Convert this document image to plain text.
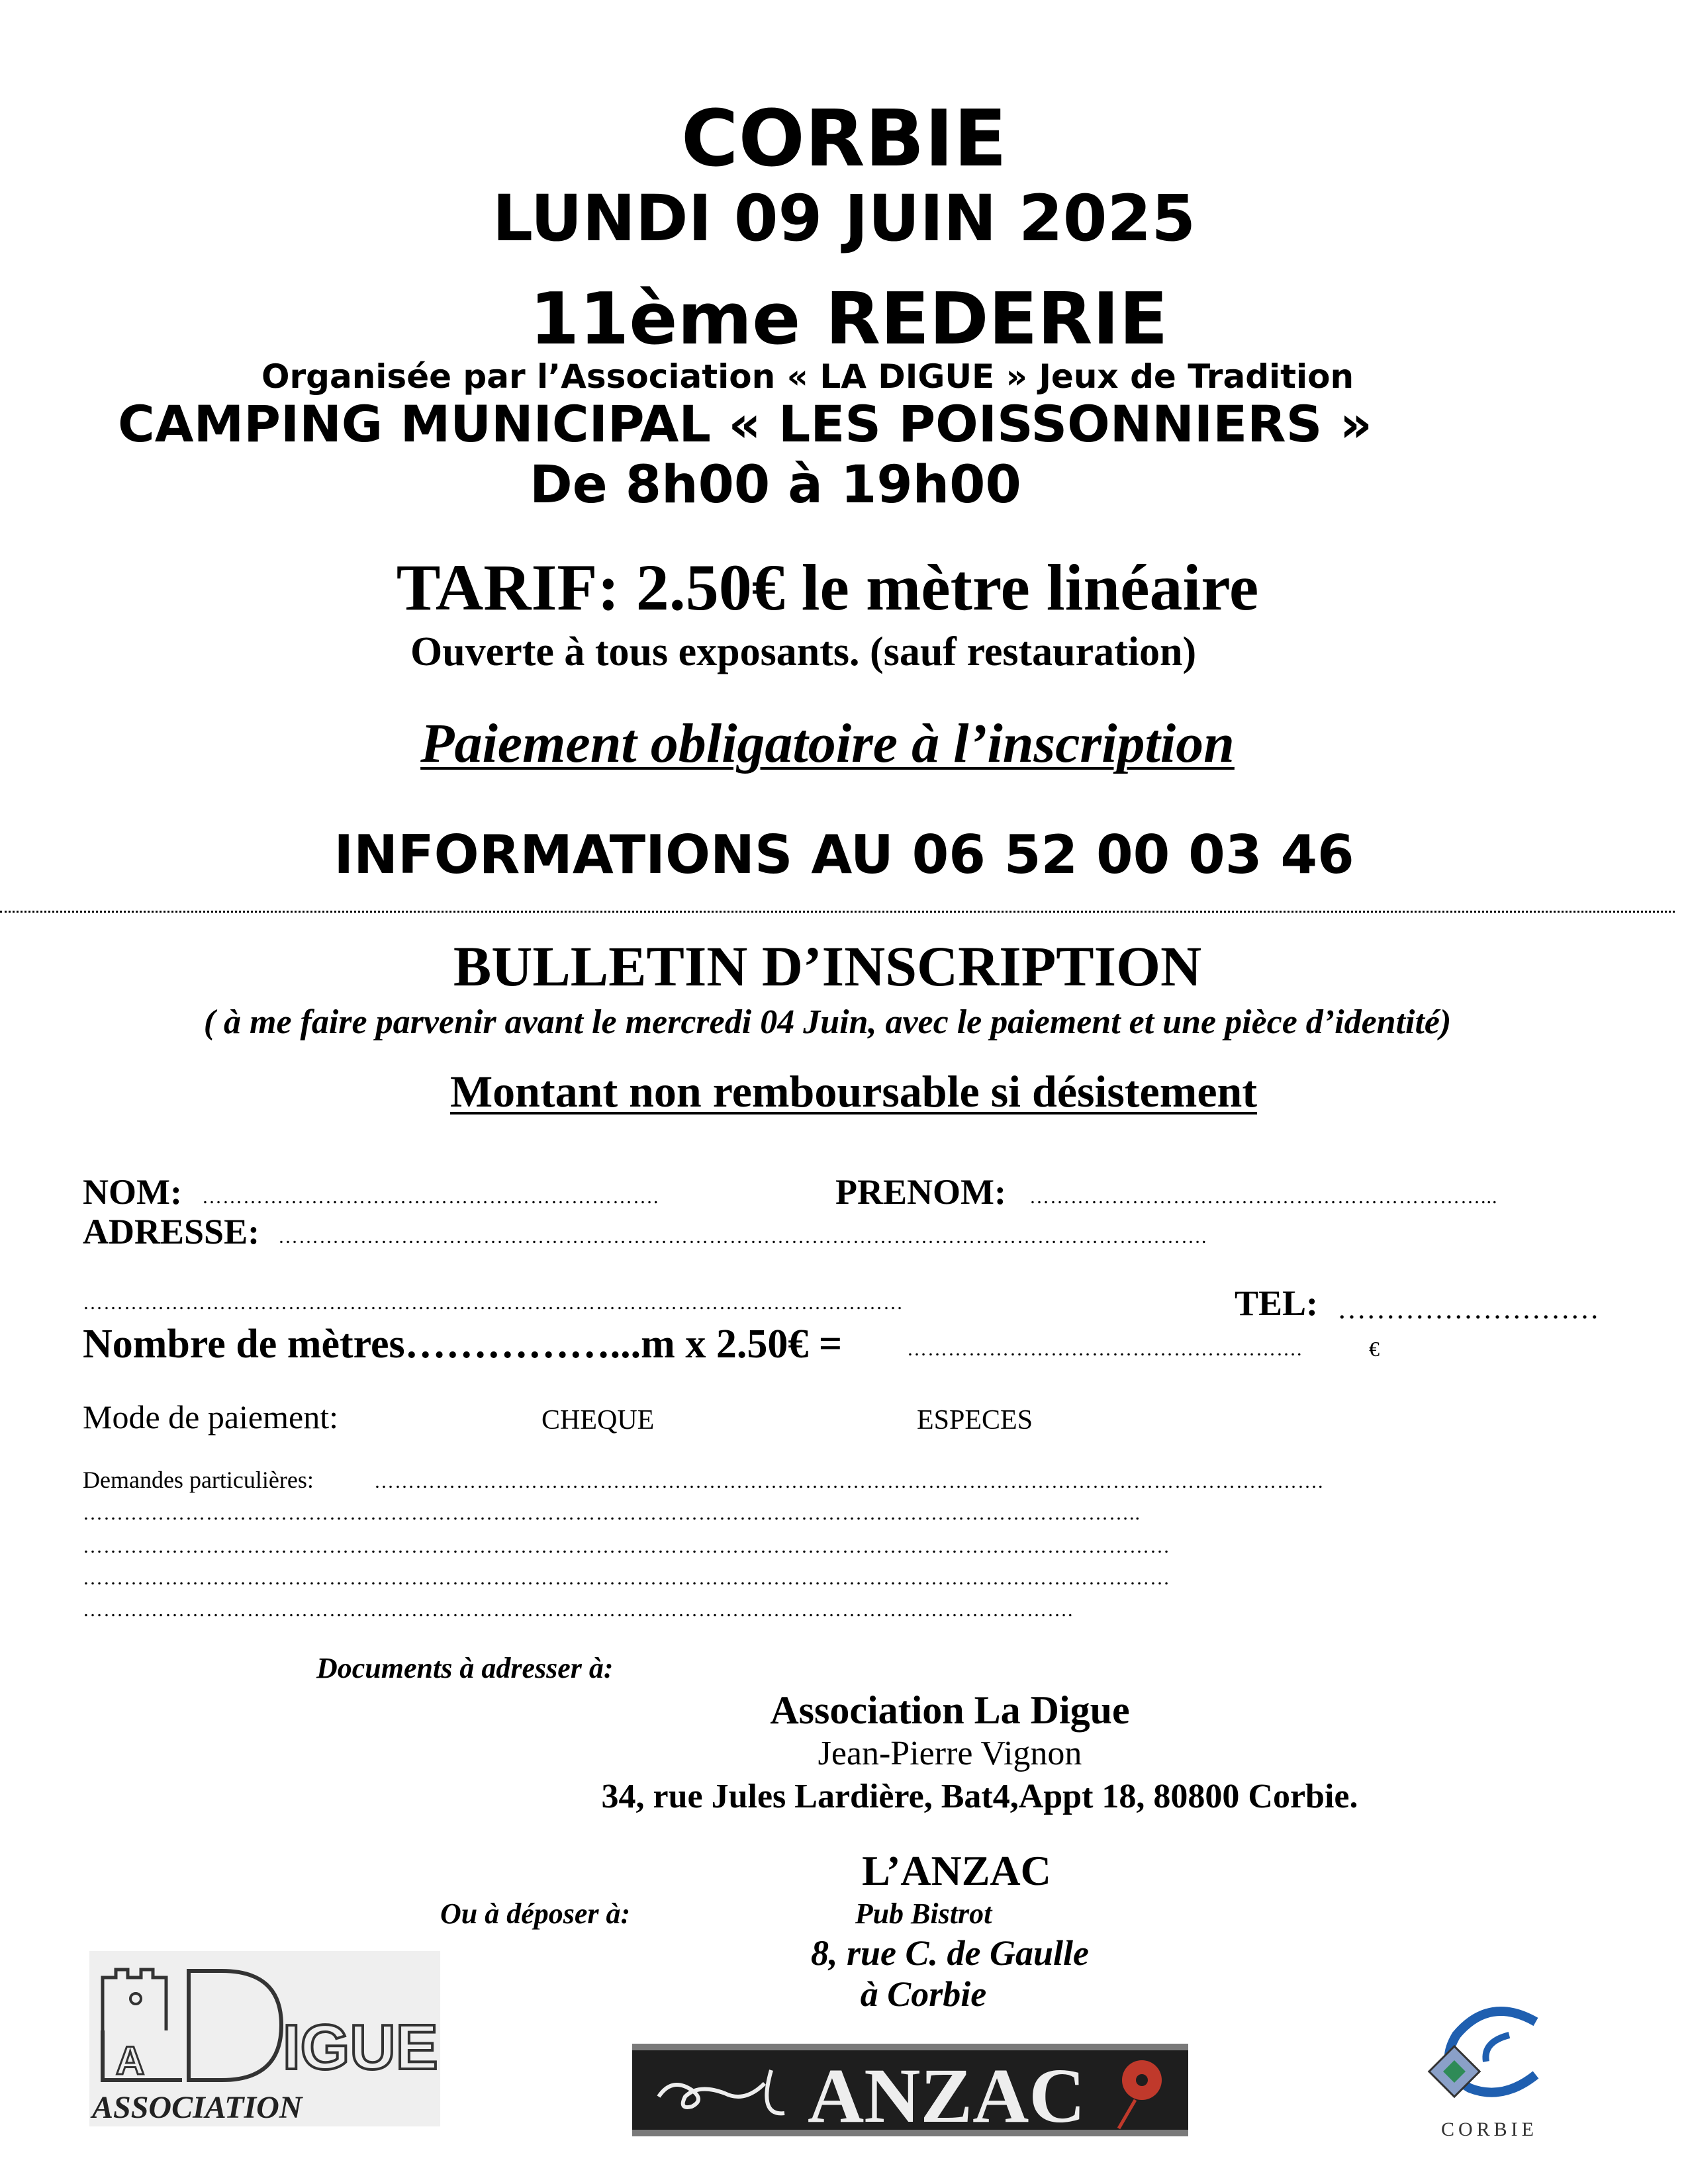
CORBIE
LUNDI 09 JUIN 2025
11ème REDERIE
Organisée par l’Association « LA DIGUE » Jeux de Tradition
CAMPING MUNICIPAL « LES POISSONNIERS »
De 8h00 à 19h00
TARIF: 2.50€ le mètre linéaire
Ouverte à tous exposants. (sauf restauration)
Paiement obligatoire à l’inscription
INFORMATIONS AU 06 52 00 03 46
BULLETIN D’INSCRIPTION
( à me faire parvenir avant le mercredi 04 Juin, avec le paiement et une pièce d’identité)
Montant non remboursable si désistement
NOM: ………………………………………………………….	PRENOM: …………………………………………………………...
ADRESSE: ……………………………………………………………………………………………………………………….
…………………………………………………………………………………………………………	TEL: ………………………
Nombre de mètres……………...m x 2.50€ =	………………………………………………….	€
Mode de paiement:	CHEQUE	ESPECES
Demandes particulières:	………………………………………………………………………………………………………………………….
………………………………………………………………………………………………………………………………………..
……………………………………………………………………………………………………………………………………………
……………………………………………………………………………………………………………………………………………
……………………………………………………………………………………………………………………………….
Documents à adresser à:
Association La Digue
Jean-Pierre Vignon
34, rue Jules Lardière, Bat4,Appt 18, 80800 Corbie.
L’ANZAC
Ou à déposer à:	Pub Bistrot
8, rue C. de Gaulle
à Corbie
A IGUE
ASSOCIATION	ANZAC	CORBIE
